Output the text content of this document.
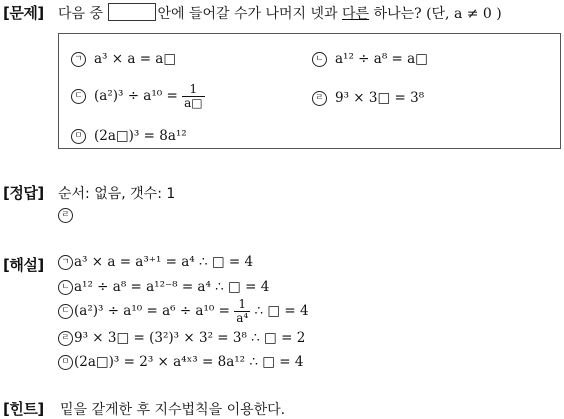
[문제] 다음 중	안에 들어갈 수가 나머지 넷과 다른 하나는? (단, a ≠ 0 )
ㄱ a³ × a = a□	ㄴ a¹² ÷ a⁸ = a□
ㄷ $(a^2)^3 \div a^{10} = \frac{1}{a□}$	ㄹ 9³ × 3□ = 3⁸
ㅁ (2a□)³ = 8a¹²
[정답] 순서: 없음, 갯수: 1
ㄹ
[해설]	ㄱ a³ × a = a³⁺¹ = a⁴ ∴ □ = 4
ㄴ a¹² ÷ a⁸ = a¹²⁻⁸ = a⁴ ∴ □ = 4
ㄷ $(a^2)^3 \div a^{10} = a^6 \div a^{10} = \frac{1}{\text{a⁴}}$ ∴ □ = 4
ㄹ 9³ × 3□ = (3²)³ × 3² = 3⁸ ∴ □ = 2
ㅁ (2a□)³ = 2³ × a⁴ˣ³ = 8a¹² ∴ □ = 4
[힌트] 밑을 같게한 후 지수법칙을 이용한다.
